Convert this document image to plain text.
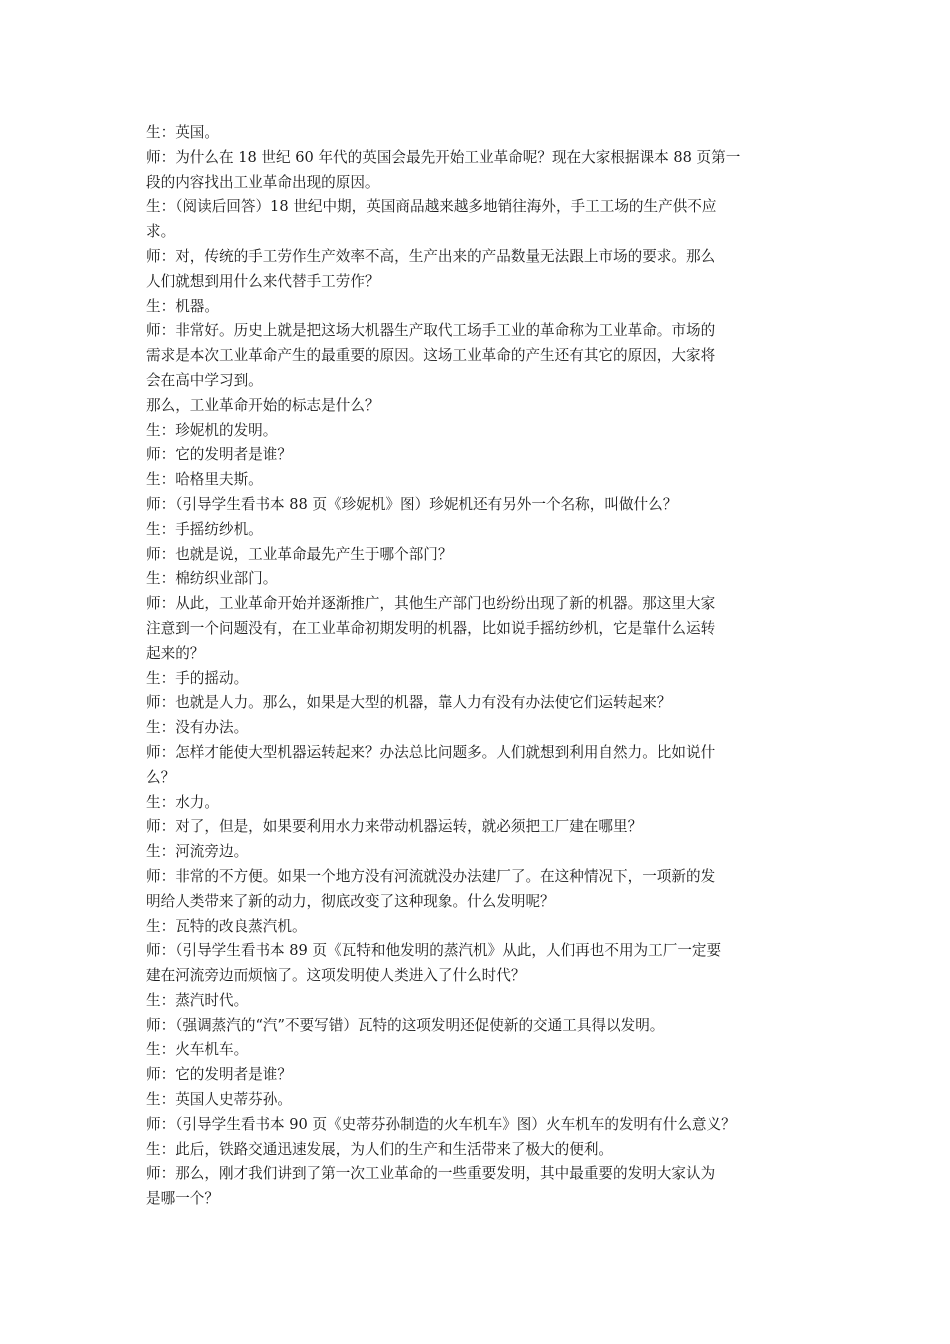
生：英国。
师：为什么在 18 世纪 60 年代的英国会最先开始工业革命呢？现在大家根据课本 88 页第一
段的内容找出工业革命出现的原因。
生：（阅读后回答）18 世纪中期，英国商品越来越多地销往海外，手工工场的生产供不应
求。
师：对，传统的手工劳作生产效率不高，生产出来的产品数量无法跟上市场的要求。那么
人们就想到用什么来代替手工劳作？
生：机器。
师：非常好。历史上就是把这场大机器生产取代工场手工业的革命称为工业革命。市场的
需求是本次工业革命产生的最重要的原因。这场工业革命的产生还有其它的原因，大家将
会在高中学习到。
那么，工业革命开始的标志是什么？
生：珍妮机的发明。
师：它的发明者是谁？
生：哈格里夫斯。
师：（引导学生看书本 88 页《珍妮机》图）珍妮机还有另外一个名称，叫做什么？
生：手摇纺纱机。
师：也就是说，工业革命最先产生于哪个部门？
生：棉纺织业部门。
师：从此，工业革命开始并逐渐推广，其他生产部门也纷纷出现了新的机器。那这里大家
注意到一个问题没有，在工业革命初期发明的机器，比如说手摇纺纱机，它是靠什么运转
起来的？
生：手的摇动。
师：也就是人力。那么，如果是大型的机器，靠人力有没有办法使它们运转起来？
生：没有办法。
师：怎样才能使大型机器运转起来？办法总比问题多。人们就想到利用自然力。比如说什
么？
生：水力。
师：对了，但是，如果要利用水力来带动机器运转，就必须把工厂建在哪里？
生：河流旁边。
师：非常的不方便。如果一个地方没有河流就没办法建厂了。在这种情况下，一项新的发
明给人类带来了新的动力，彻底改变了这种现象。什么发明呢？
生：瓦特的改良蒸汽机。
师：（引导学生看书本 89 页《瓦特和他发明的蒸汽机》从此，人们再也不用为工厂一定要
建在河流旁边而烦恼了。这项发明使人类进入了什么时代？
生：蒸汽时代。
师：（强调蒸汽的“汽”不要写错）瓦特的这项发明还促使新的交通工具得以发明。
生：火车机车。
师：它的发明者是谁？
生：英国人史蒂芬孙。
师：（引导学生看书本 90 页《史蒂芬孙制造的火车机车》图）火车机车的发明有什么意义？
生：此后，铁路交通迅速发展，为人们的生产和生活带来了极大的便利。
师：那么，刚才我们讲到了第一次工业革命的一些重要发明，其中最重要的发明大家认为
是哪一个？
